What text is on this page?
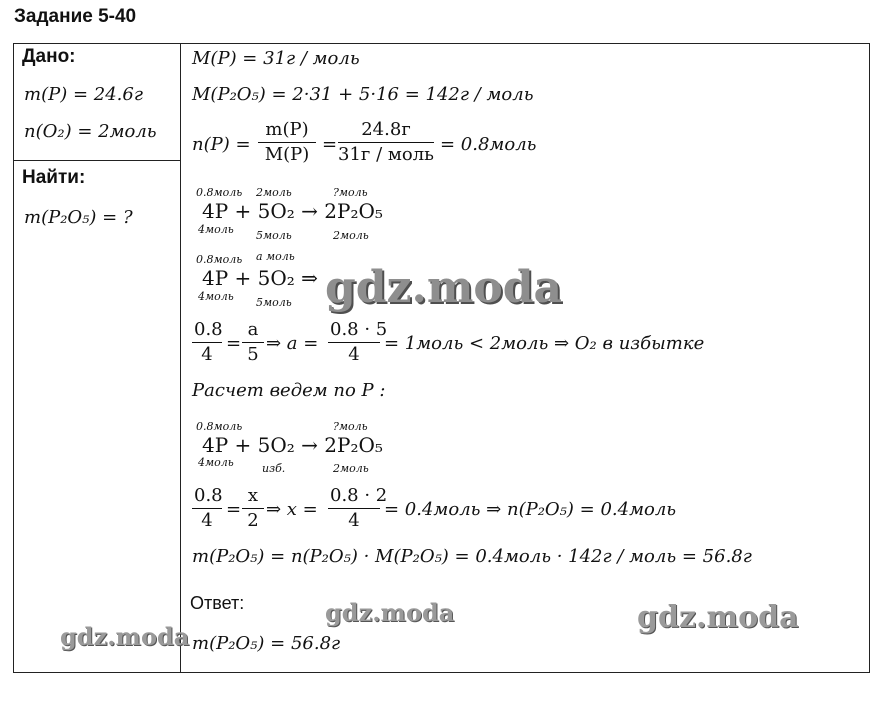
Задание 5-40
Дано:
m(P) = 24.6г
n(O₂) = 2моль
Найти:
m(P₂O₅) = ?
M(P) = 31г / моль
M(P₂O₅) = 2·31 + 5·16 = 142г / моль
$n(P) = \frac{m(P)}{M(P)}$ =
24.8г
31г / моль = 0.8моль
0.8моль 2моль	?моль
4P + 5O₂ → 2P₂O₅
4моль 5моль	2моль
0.8моль a моль
4P + 5O₂ ⇒
4моль 5моль
$\frac{0.8}{4} = \frac{a}{5}$ ⇒ $a = \frac{0.8 \cdot 5}{4}$ = 1моль < 2моль ⇒ O₂ в избытке
Расчет ведем по P :
0.8моль	?моль
4P + 5O₂ → 2P₂O₅
4моль	изб.	2моль
$\frac{0.8}{4} = \frac{x}{2}$ ⇒ $x = \frac{0.8 \cdot 2}{4}$ = 0.4моль ⇒ n(P₂O₅) = 0.4моль
m(P₂O₅) = n(P₂O₅) · M(P₂O₅) = 0.4моль · 142г / моль = 56.8г
Ответ:
m(P₂O₅) = 56.8г
gdz.moda
gdz.moda
gdz.moda	gdz.moda
